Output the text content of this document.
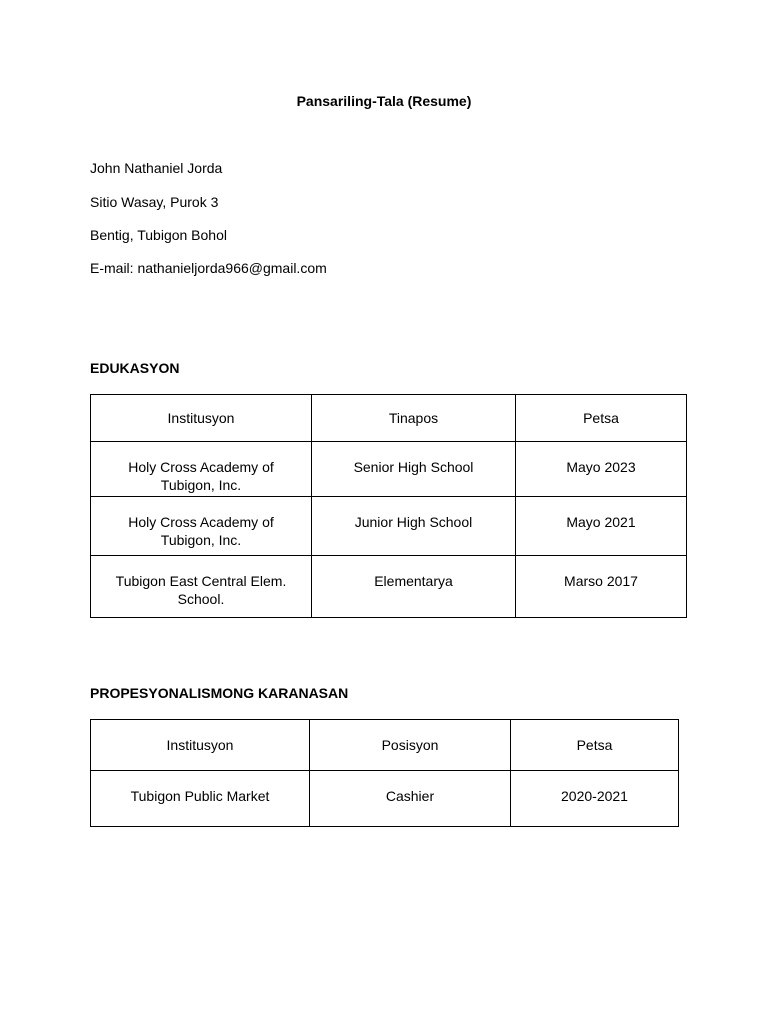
Pansariling-Tala (Resume)
John Nathaniel Jorda
Sitio Wasay, Purok 3
Bentig, Tubigon Bohol
E-mail: nathanieljorda966@gmail.com
EDUKASYON
Institusyon	Tinapos	Petsa
Holy Cross Academy of Tubigon, Inc.	Senior High School	Mayo 2023
Holy Cross Academy of Tubigon, Inc.	Junior High School	Mayo 2021
Tubigon East Central Elem. School.	Elementarya	Marso 2017
PROPESYONALISMONG KARANASAN
Institusyon	Posisyon	Petsa
Tubigon Public Market	Cashier	2020-2021
